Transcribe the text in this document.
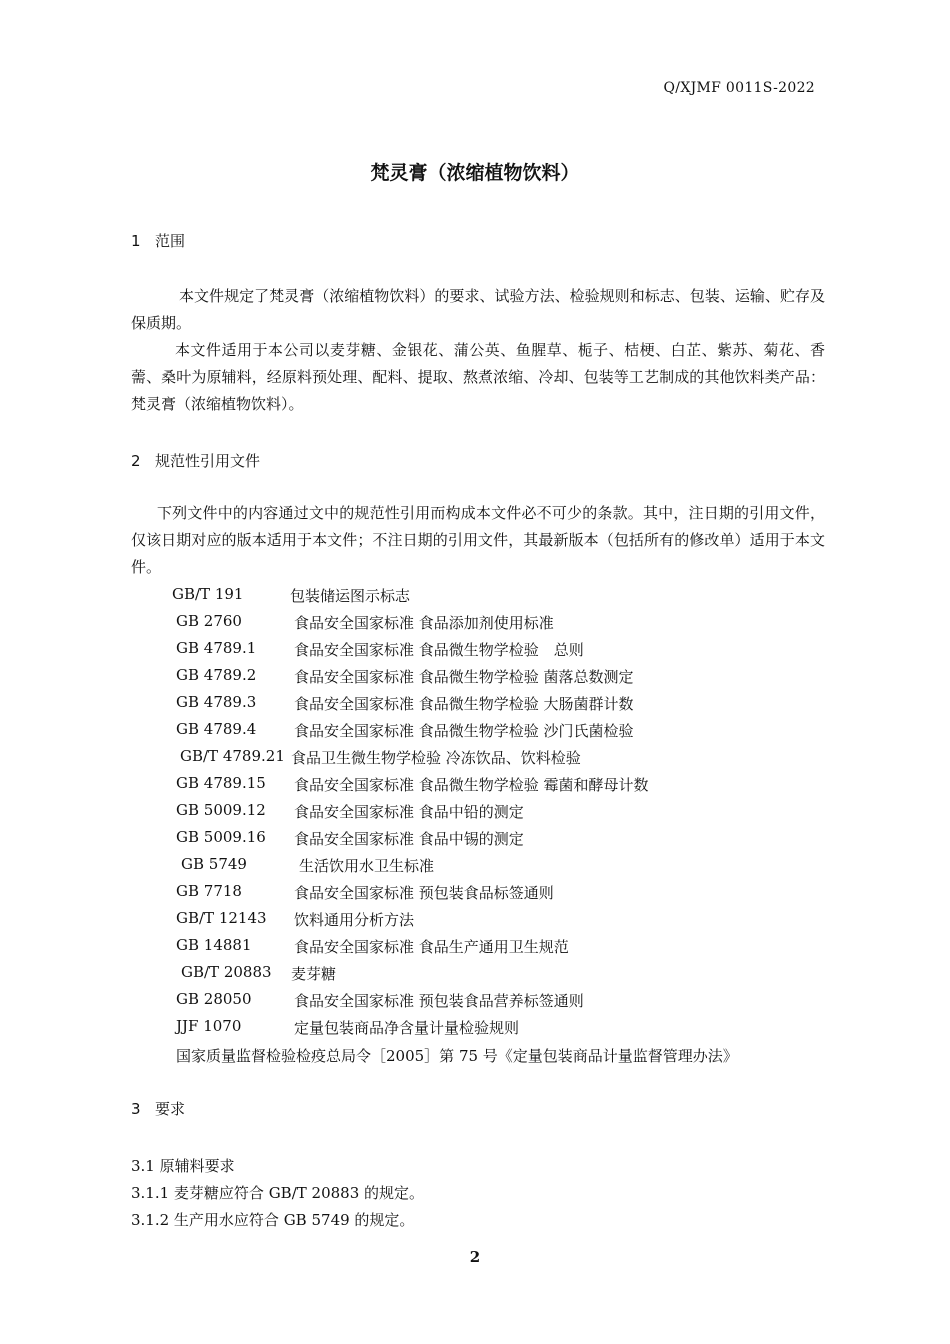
Q/XJMF 0011S-2022
梵灵膏（浓缩植物饮料）
1 范围
本文件规定了梵灵膏（浓缩植物饮料）的要求、试验方法、检验规则和标志、包装、运输、贮存及保质期。
本文件适用于本公司以麦芽糖、金银花、蒲公英、鱼腥草、栀子、桔梗、白芷、紫苏、菊花、香薷、桑叶为原辅料，经原料预处理、配料、提取、熬煮浓缩、冷却、包装等工艺制成的其他饮料类产品：梵灵膏（浓缩植物饮料）。
2 规范性引用文件
下列文件中的内容通过文中的规范性引用而构成本文件必不可少的条款。其中，注日期的引用文件，仅该日期对应的版本适用于本文件；不注日期的引用文件，其最新版本（包括所有的修改单）适用于本文件。
GB/T 191	包装储运图示标志
GB 2760	食品安全国家标准 食品添加剂使用标准
GB 4789.1	食品安全国家标准 食品微生物学检验　总则
GB 4789.2	食品安全国家标准 食品微生物学检验 菌落总数测定
GB 4789.3	食品安全国家标准 食品微生物学检验 大肠菌群计数
GB 4789.4	食品安全国家标准 食品微生物学检验 沙门氏菌检验
GB/T 4789.21 食品卫生微生物学检验 冷冻饮品、饮料检验
GB 4789.15 食品安全国家标准 食品微生物学检验 霉菌和酵母计数
GB 5009.12 食品安全国家标准 食品中铅的测定
GB 5009.16 食品安全国家标准 食品中锡的测定
GB 5749	生活饮用水卫生标准
GB 7718	食品安全国家标准 预包装食品标签通则
GB/T 12143 饮料通用分析方法
GB 14881	食品安全国家标准 食品生产通用卫生规范
GB/T 20883 麦芽糖
GB 28050	食品安全国家标准 预包装食品营养标签通则
JJF 1070	定量包装商品净含量计量检验规则
国家质量监督检验检疫总局令［2005］第 75 号《定量包装商品计量监督管理办法》
3 要求
3.1 原辅料要求
3.1.1 麦芽糖应符合 GB/T 20883 的规定。
3.1.2 生产用水应符合 GB 5749 的规定。
2
